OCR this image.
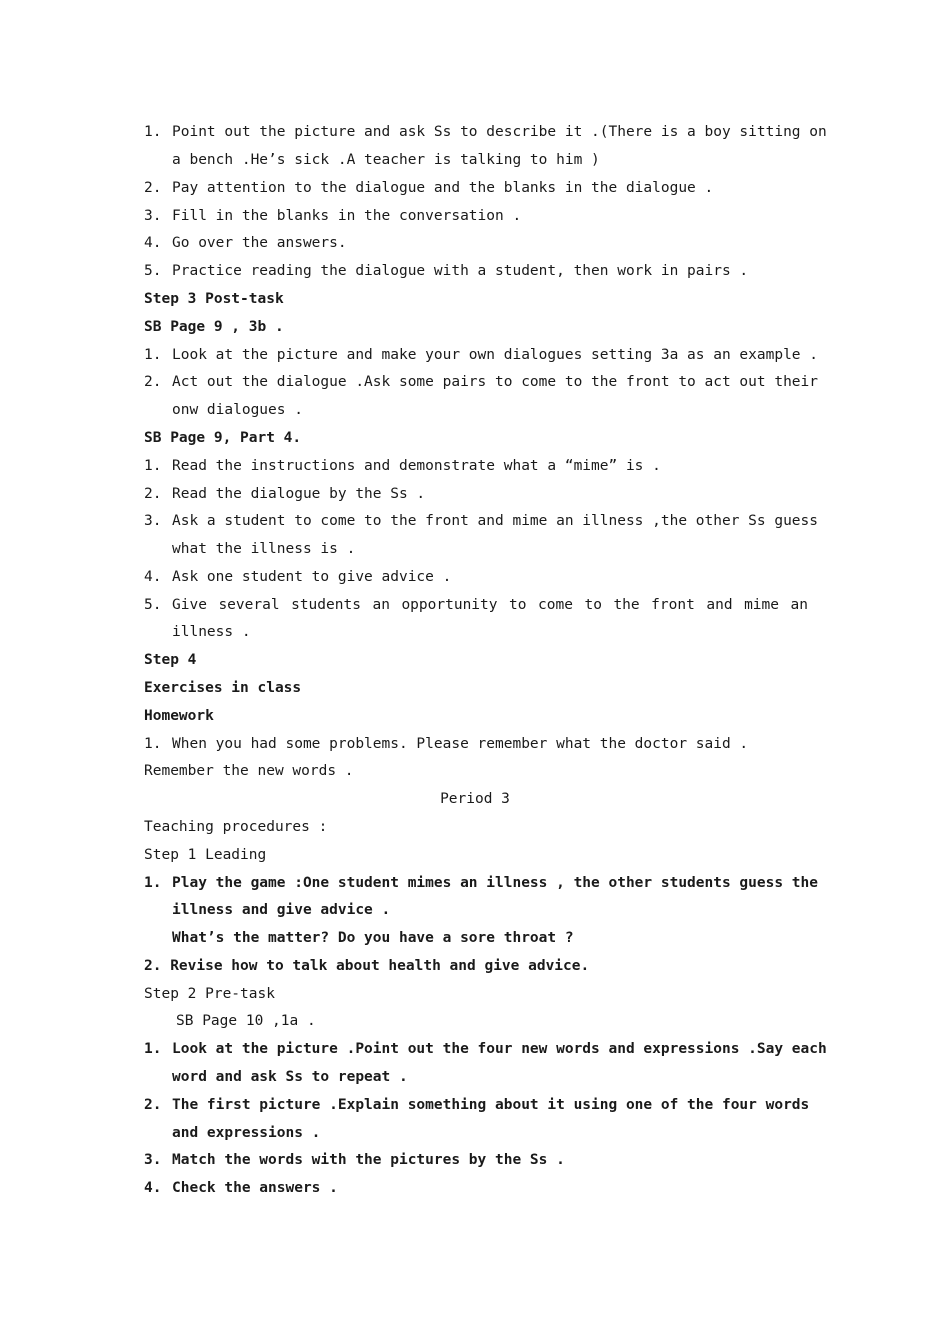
1. Point out the picture and ask Ss to describe it .(There is a boy sitting on
a bench .He’s sick .A teacher is talking to him )
2. Pay attention to the dialogue and the blanks in the dialogue .
3. Fill in the blanks in the conversation .
4. Go over the answers.
5. Practice reading the dialogue with a student, then work in pairs .
Step 3 Post-task
SB Page 9 , 3b .
1. Look at the picture and make your own dialogues setting 3a as an example .
2. Act out the dialogue .Ask some pairs to come to the front to act out their
onw dialogues .
SB Page 9, Part 4.
1. Read the instructions and demonstrate what a “mime” is .
2. Read the dialogue by the Ss .
3. Ask a student to come to the front and mime an illness ,the other Ss guess
what the illness is .
4. Ask one student to give advice .
5. Give several students an opportunity to come to the front and mime an
illness .
Step 4
Exercises in class
Homework
1. When you had some problems. Please remember what the doctor said .
Remember the new words .
Period 3
Teaching procedures :
Step 1 Leading
1. Play the game :One student mimes an illness , the other students guess the
illness and give advice .
What’s the matter? Do you have a sore throat ?
2. Revise how to talk about health and give advice.
Step 2 Pre-task
SB Page 10 ,1a .
1. Look at the picture .Point out the four new words and expressions .Say each
word and ask Ss to repeat .
2. The first picture .Explain something about it using one of the four words
and expressions .
3. Match the words with the pictures by the Ss .
4. Check the answers .
